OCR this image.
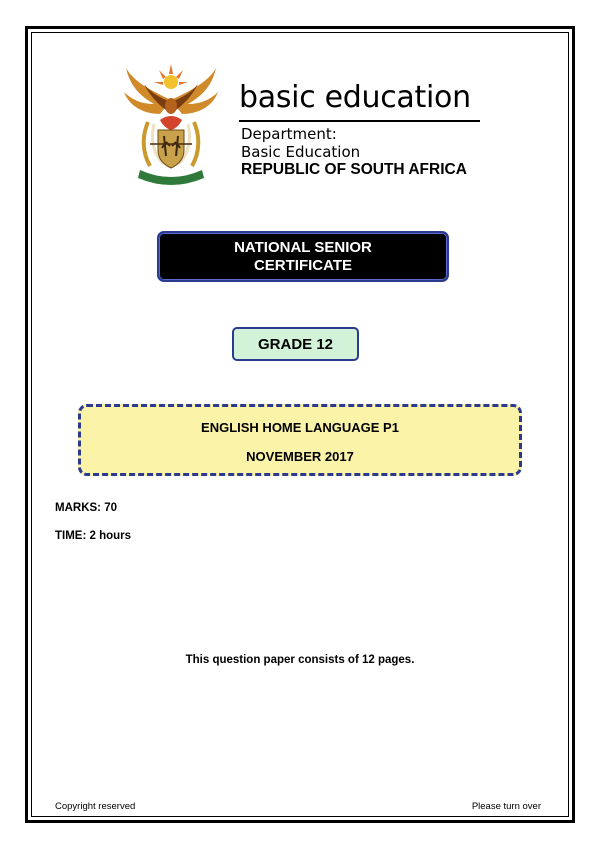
basic education
Department:
Basic Education
REPUBLIC OF SOUTH AFRICA
NATIONAL SENIOR
CERTIFICATE
GRADE 12
ENGLISH HOME LANGUAGE P1
NOVEMBER 2017
MARKS: 70
TIME: 2 hours
This question paper consists of 12 pages.
Copyright reserved	Please turn over
